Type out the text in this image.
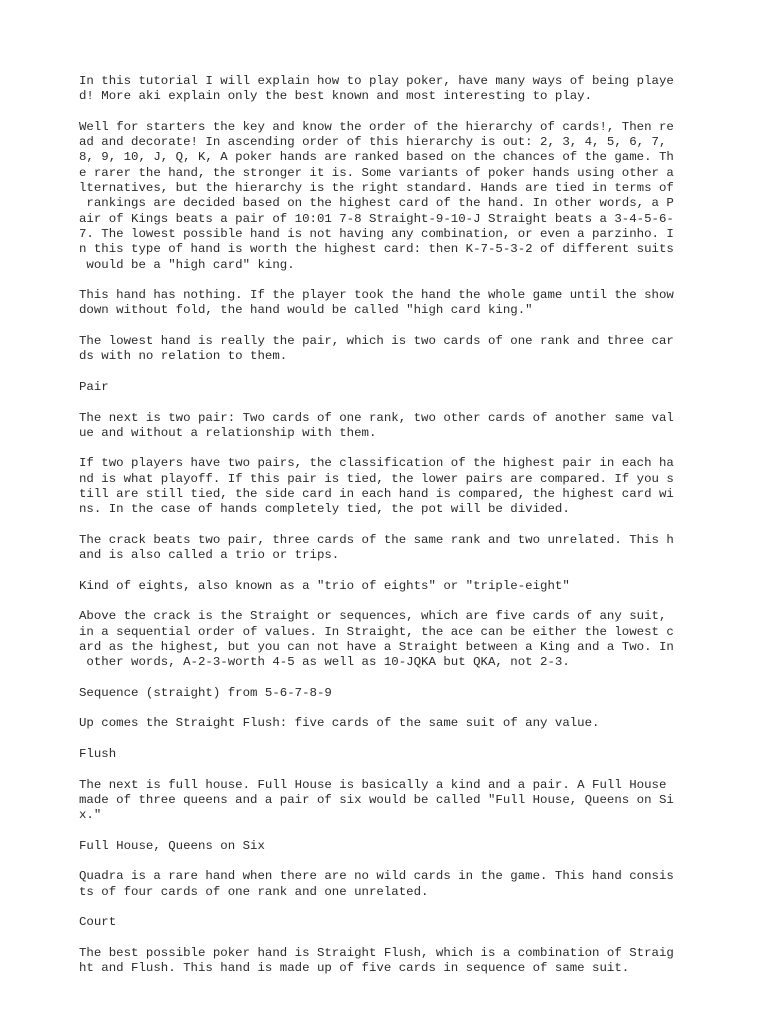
In this tutorial I will explain how to play poker, have many ways of being playe
d! More aki explain only the best known and most interesting to play.

Well for starters the key and know the order of the hierarchy of cards!, Then re
ad and decorate! In ascending order of this hierarchy is out: 2, 3, 4, 5, 6, 7,
8, 9, 10, J, Q, K, A poker hands are ranked based on the chances of the game. Th
e rarer the hand, the stronger it is. Some variants of poker hands using other a
lternatives, but the hierarchy is the right standard. Hands are tied in terms of
rankings are decided based on the highest card of the hand. In other words, a P
air of Kings beats a pair of 10:01 7-8 Straight-9-10-J Straight beats a 3-4-5-6-
7. The lowest possible hand is not having any combination, or even a parzinho. I
n this type of hand is worth the highest card: then K-7-5-3-2 of different suits
would be a "high card" king.

This hand has nothing. If the player took the hand the whole game until the show
down without fold, the hand would be called "high card king."

The lowest hand is really the pair, which is two cards of one rank and three car
ds with no relation to them.

Pair

The next is two pair: Two cards of one rank, two other cards of another same val
ue and without a relationship with them.

If two players have two pairs, the classification of the highest pair in each ha
nd is what playoff. If this pair is tied, the lower pairs are compared. If you s
till are still tied, the side card in each hand is compared, the highest card wi
ns. In the case of hands completely tied, the pot will be divided.

The crack beats two pair, three cards of the same rank and two unrelated. This h
and is also called a trio or trips.

Kind of eights, also known as a "trio of eights" or "triple-eight"

Above the crack is the Straight or sequences, which are five cards of any suit,
in a sequential order of values. In Straight, the ace can be either the lowest c
ard as the highest, but you can not have a Straight between a King and a Two. In
other words, A-2-3-worth 4-5 as well as 10-JQKA but QKA, not 2-3.

Sequence (straight) from 5-6-7-8-9

Up comes the Straight Flush: five cards of the same suit of any value.

Flush

The next is full house. Full House is basically a kind and a pair. A Full House
made of three queens and a pair of six would be called "Full House, Queens on Si
x."

Full House, Queens on Six

Quadra is a rare hand when there are no wild cards in the game. This hand consis
ts of four cards of one rank and one unrelated.

Court

The best possible poker hand is Straight Flush, which is a combination of Straig
ht and Flush. This hand is made up of five cards in sequence of same suit.
